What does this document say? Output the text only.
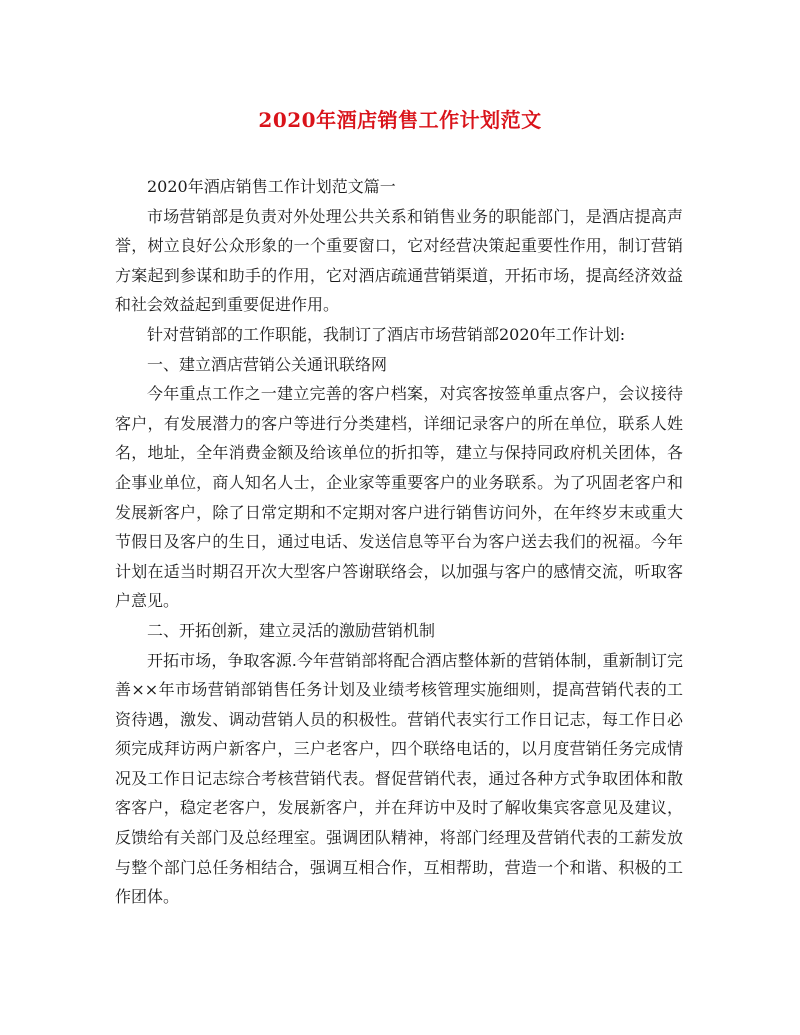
2020年酒店销售工作计划范文

2020年酒店销售工作计划范文篇一

市场营销部是负责对外处理公共关系和销售业务的职能部门，是酒店提高声誉，树立良好公众形象的一个重要窗口，它对经营决策起重要性作用，制订营销方案起到参谋和助手的作用，它对酒店疏通营销渠道，开拓市场，提高经济效益和社会效益起到重要促进作用。

针对营销部的工作职能，我制订了酒店市场营销部2020年工作计划:

一、建立酒店营销公关通讯联络网

今年重点工作之一建立完善的客户档案，对宾客按签单重点客户，会议接待客户，有发展潜力的客户等进行分类建档，详细记录客户的所在单位，联系人姓名，地址，全年消费金额及给该单位的折扣等，建立与保持同政府机关团体，各企事业单位，商人知名人士，企业家等重要客户的业务联系。为了巩固老客户和发展新客户，除了日常定期和不定期对客户进行销售访问外，在年终岁末或重大节假日及客户的生日，通过电话、发送信息等平台为客户送去我们的祝福。今年计划在适当时期召开次大型客户答谢联络会，以加强与客户的感情交流，听取客户意见。

二、开拓创新，建立灵活的激励营销机制

开拓市场，争取客源.今年营销部将配合酒店整体新的营销体制，重新制订完善××年市场营销部销售任务计划及业绩考核管理实施细则，提高营销代表的工资待遇，激发、调动营销人员的积极性。营销代表实行工作日记志，每工作日必须完成拜访两户新客户，三户老客户，四个联络电话的，以月度营销任务完成情况及工作日记志综合考核营销代表。督促营销代表，通过各种方式争取团体和散客客户，稳定老客户，发展新客户，并在拜访中及时了解收集宾客意见及建议，反馈给有关部门及总经理室。强调团队精神，将部门经理及营销代表的工薪发放与整个部门总任务相结合，强调互相合作，互相帮助，营造一个和谐、积极的工作团体。
